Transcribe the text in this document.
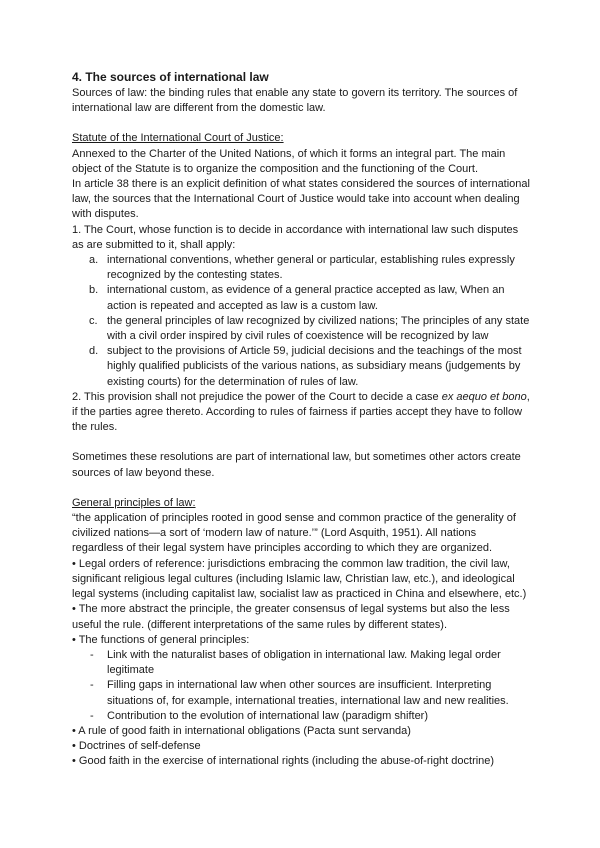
4. The sources of international law

Sources of law: the binding rules that enable any state to govern its territory. The sources of international law are different from the domestic law.

Statute of the International Court of Justice:

Annexed to the Charter of the United Nations, of which it forms an integral part. The main object of the Statute is to organize the composition and the functioning of the Court.

In article 38 there is an explicit definition of what states considered the sources of international law, the sources that the International Court of Justice would take into account when dealing with disputes.

1. The Court, whose function is to decide in accordance with international law such disputes as are submitted to it, shall apply:

a. international conventions, whether general or particular, establishing rules expressly recognized by the contesting states.
b. international custom, as evidence of a general practice accepted as law, When an action is repeated and accepted as law is a custom law.
c. the general principles of law recognized by civilized nations; The principles of any state with a civil order inspired by civil rules of coexistence will be recognized by law
d. subject to the provisions of Article 59, judicial decisions and the teachings of the most highly qualified publicists of the various nations, as subsidiary means (judgements by existing courts) for the determination of rules of law.

2. This provision shall not prejudice the power of the Court to decide a case ex aequo et bono, if the parties agree thereto. According to rules of fairness if parties accept they have to follow the rules.

Sometimes these resolutions are part of international law, but sometimes other actors create sources of law beyond these.

General principles of law:

“the application of principles rooted in good sense and common practice of the generality of civilized nations—a sort of ‘modern law of nature.’” (Lord Asquith, 1951). All nations regardless of their legal system have principles according to which they are organized.

• Legal orders of reference: jurisdictions embracing the common law tradition, the civil law, significant religious legal cultures (including Islamic law, Christian law, etc.), and ideological legal systems (including capitalist law, socialist law as practiced in China and elsewhere, etc.)

• The more abstract the principle, the greater consensus of legal systems but also the less useful the rule. (different interpretations of the same rules by different states).

• The functions of general principles:

- Link with the naturalist bases of obligation in international law. Making legal order legitimate
- Filling gaps in international law when other sources are insufficient. Interpreting situations of, for example, international treaties, international law and new realities.
- Contribution to the evolution of international law (paradigm shifter)

• A rule of good faith in international obligations (Pacta sunt servanda)

• Doctrines of self-defense

• Good faith in the exercise of international rights (including the abuse-of-right doctrine)
